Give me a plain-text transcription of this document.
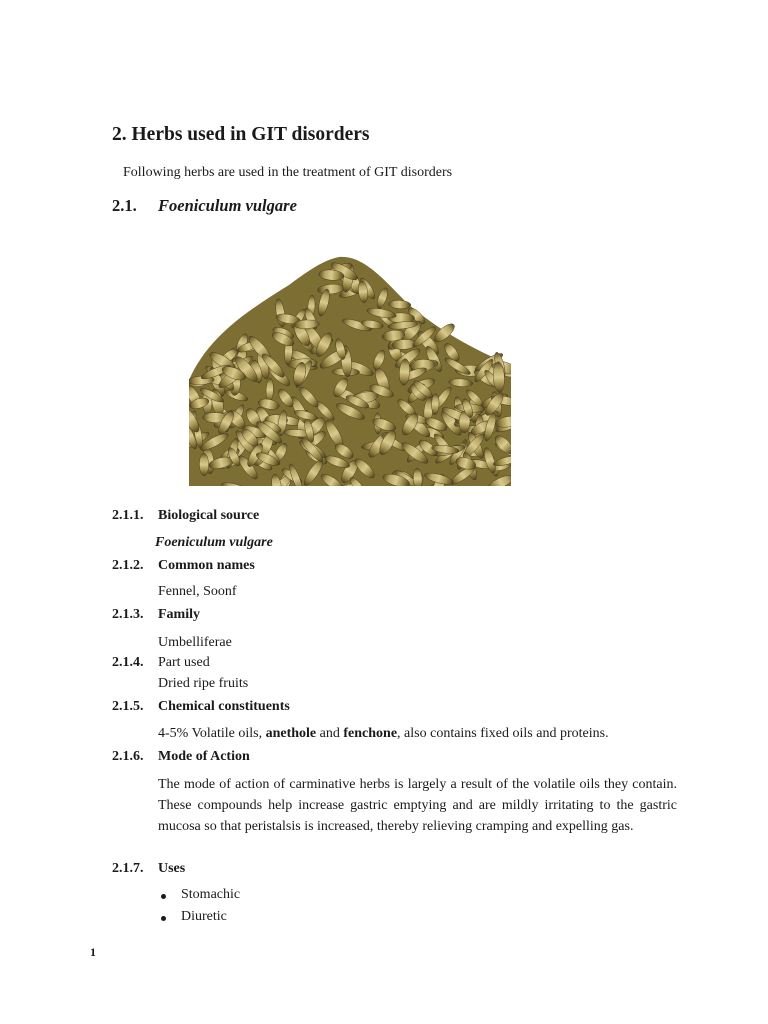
2. Herbs used in GIT disorders
Following herbs are used in the treatment of GIT disorders
2.1. Foeniculum vulgare
2.1.1. Biological source
Foeniculum vulgare
2.1.2. Common names
Fennel, Soonf
2.1.3. Family
Umbelliferae
2.1.4. Part used
Dried ripe fruits
2.1.5. Chemical constituents
4-5% Volatile oils, anethole and fenchone, also contains fixed oils and proteins.
2.1.6. Mode of Action
The mode of action of carminative herbs is largely a result of the volatile oils they contain. These compounds help increase gastric emptying and are mildly irritating to the gastric mucosa so that peristalsis is increased, thereby relieving cramping and expelling gas.
2.1.7. Uses
Stomachic
Diuretic
1
